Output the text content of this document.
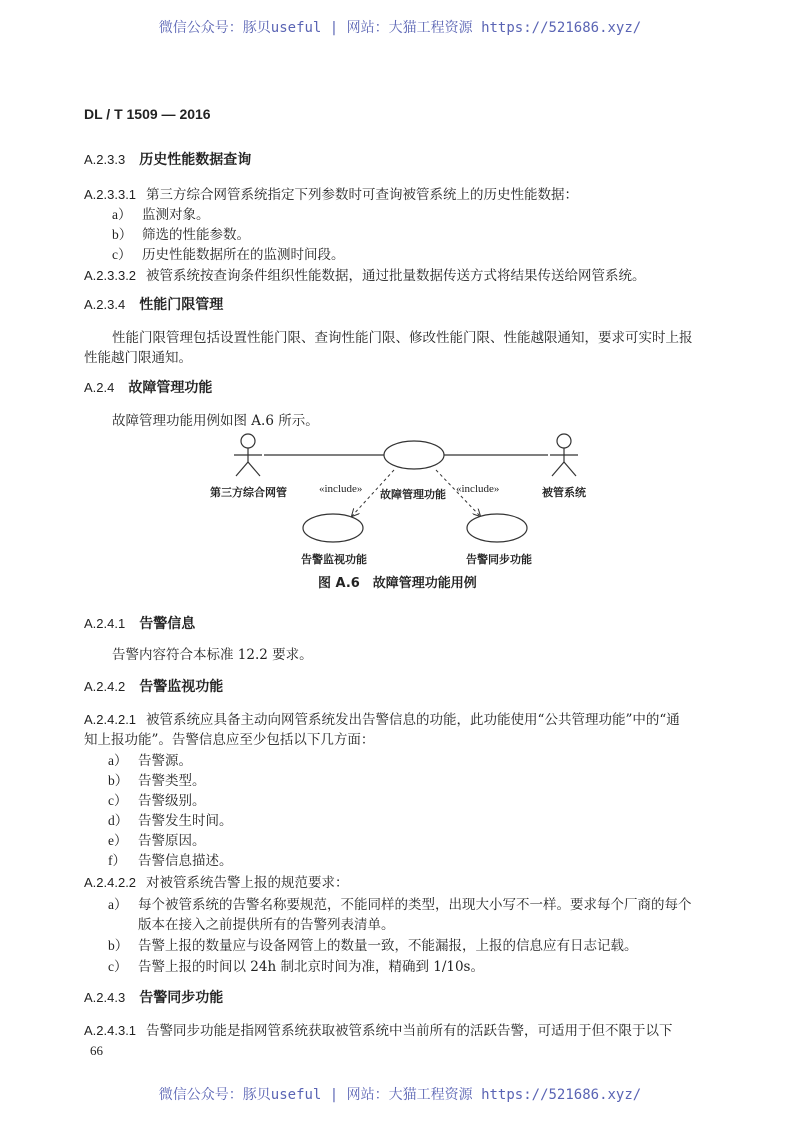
微信公众号：豚贝useful | 网站：大猫工程资源 https://521686.xyz/
DL / T 1509 — 2016
A.2.3.3 历史性能数据查询
A.2.3.3.1 第三方综合网管系统指定下列参数时可查询被管系统上的历史性能数据：
a） 监测对象。
b） 筛选的性能参数。
c） 历史性能数据所在的监测时间段。
A.2.3.3.2 被管系统按查询条件组织性能数据，通过批量数据传送方式将结果传送给网管系统。
A.2.3.4 性能门限管理
性能门限管理包括设置性能门限、查询性能门限、修改性能门限、性能越限通知，要求可实时上报
性能越门限通知。
A.2.4 故障管理功能
故障管理功能用例如图 A.6 所示。
第三方综合网管	被管系统
«include»	«include»
故障管理功能
告警监视功能	告警同步功能
图 A.6　故障管理功能用例
A.2.4.1 告警信息
告警内容符合本标准 12.2 要求。
A.2.4.2 告警监视功能
A.2.4.2.1 被管系统应具备主动向网管系统发出告警信息的功能，此功能使用“公共管理功能”中的“通
知上报功能”。告警信息应至少包括以下几方面：
a） 告警源。
b） 告警类型。
c） 告警级别。
d） 告警发生时间。
e） 告警原因。
f） 告警信息描述。
A.2.4.2.2 对被管系统告警上报的规范要求：
a） 每个被管系统的告警名称要规范，不能同样的类型，出现大小写不一样。要求每个厂商的每个
版本在接入之前提供所有的告警列表清单。
b） 告警上报的数量应与设备网管上的数量一致，不能漏报，上报的信息应有日志记载。
c） 告警上报的时间以 24h 制北京时间为准，精确到 1/10s。
A.2.4.3 告警同步功能
A.2.4.3.1 告警同步功能是指网管系统获取被管系统中当前所有的活跃告警，可适用于但不限于以下
66
微信公众号：豚贝useful | 网站：大猫工程资源 https://521686.xyz/
